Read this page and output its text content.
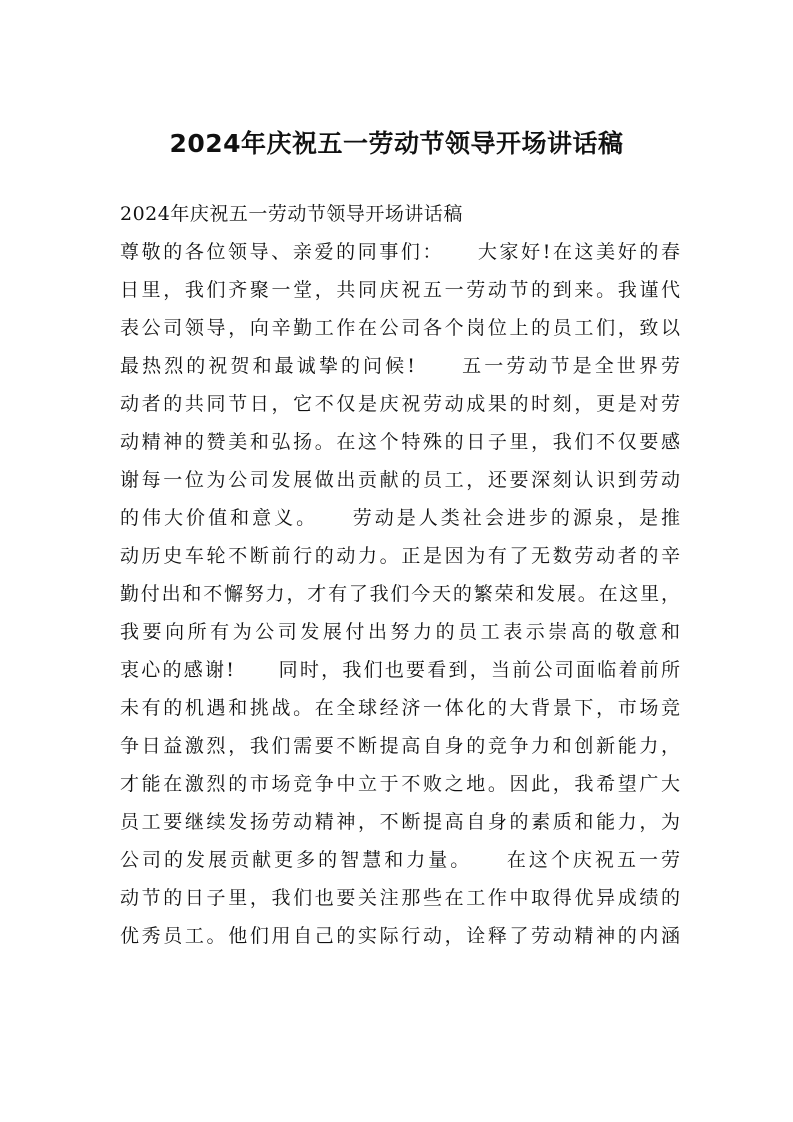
2024年庆祝五一劳动节领导开场讲话稿
2024年庆祝五一劳动节领导开场讲话稿
尊敬的各位领导、亲爱的同事们：　　大家好!在这美好的春
日里，我们齐聚一堂，共同庆祝五一劳动节的到来。我谨代
表公司领导，向辛勤工作在公司各个岗位上的员工们，致以
最热烈的祝贺和最诚挚的问候!　　五一劳动节是全世界劳
动者的共同节日，它不仅是庆祝劳动成果的时刻，更是对劳
动精神的赞美和弘扬。在这个特殊的日子里，我们不仅要感
谢每一位为公司发展做出贡献的员工，还要深刻认识到劳动
的伟大价值和意义。　　劳动是人类社会进步的源泉，是推
动历史车轮不断前行的动力。正是因为有了无数劳动者的辛
勤付出和不懈努力，才有了我们今天的繁荣和发展。在这里，
我要向所有为公司发展付出努力的员工表示崇高的敬意和
衷心的感谢!　　同时，我们也要看到，当前公司面临着前所
未有的机遇和挑战。在全球经济一体化的大背景下，市场竞
争日益激烈，我们需要不断提高自身的竞争力和创新能力，
才能在激烈的市场竞争中立于不败之地。因此，我希望广大
员工要继续发扬劳动精神，不断提高自身的素质和能力，为
公司的发展贡献更多的智慧和力量。　　在这个庆祝五一劳
动节的日子里，我们也要关注那些在工作中取得优异成绩的
优秀员工。他们用自己的实际行动，诠释了劳动精神的内涵
